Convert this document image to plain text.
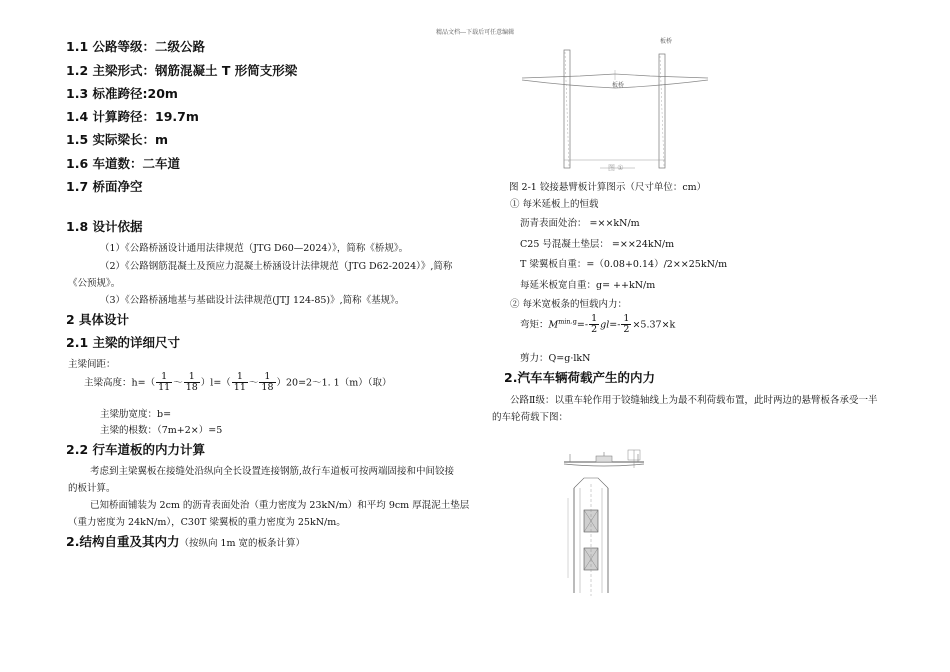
精品文档---下载后可任意编辑
1.1 公路等级：二级公路
1.2 主梁形式：钢筋混凝土 T 形简支形梁
1.3 标准跨径:20m
1.4 计算跨径：19.7m
1.5 实际梁长：m
1.6 车道数：二车道
1.7 桥面净空
1.8 设计依据
（1）《公路桥涵设计通用法律规范（JTG D60—2024）》，简称《桥规》。
（2）《公路钢筋混凝土及预应力混凝土桥涵设计法律规范（JTG D62-2024）》,简称
《公预规》。
（3）《公路桥涵地基与基础设计法律规范(JTJ 124-85)》,简称《基规》。
2 具体设计
2.1 主梁的详细尺寸
主梁间距：
主梁高度：$h=( \frac{1}{11}$ ～ $\frac{1}{18} )l=( \frac{1}{11}$ ～ $\frac{1}{18}$ ）20=2～1. 1（m）（取）
主梁肋宽度：b=
主梁的根数：（7m+2×）=5
2.2 行车道板的内力计算
考虑到主梁翼板在接缝处沿纵向全长设置连接钢筋,故行车道板可按两端固接和中间铰接
的板计算。
已知桥面铺装为 2cm 的沥青表面处治（重力密度为 23kN/m）和平均 9cm 厚混泥土垫层
（重力密度为 24kN/m），C30T 梁翼板的重力密度为 25kN/m。
2.结构自重及其内力（按纵向 1m 宽的板条计算）
图 ①
板桥
板桥
图 2-1 铰接悬臂板计算图示（尺寸单位：cm）
① 每米延板上的恒载
沥青表面处治： =××kN/m
C25 号混凝土垫层： =××24kN/m
T 梁翼板自重：=（0.08+0.14）/2××25kN/m
每延米板宽自重：g= ++kN/m
② 每米宽板条的恒载内力：
弯矩：$M^{min.g}=- \frac{1}{2} gl=- \frac{1}{2} \times 5.37\times k$
剪力：Q=g·lkN
2.汽车车辆荷载产生的内力
公路Ⅱ级：以重车轮作用于铰缝轴线上为最不利荷载布置，此时两边的悬臂板各承受一半
的车轮荷载下图：
